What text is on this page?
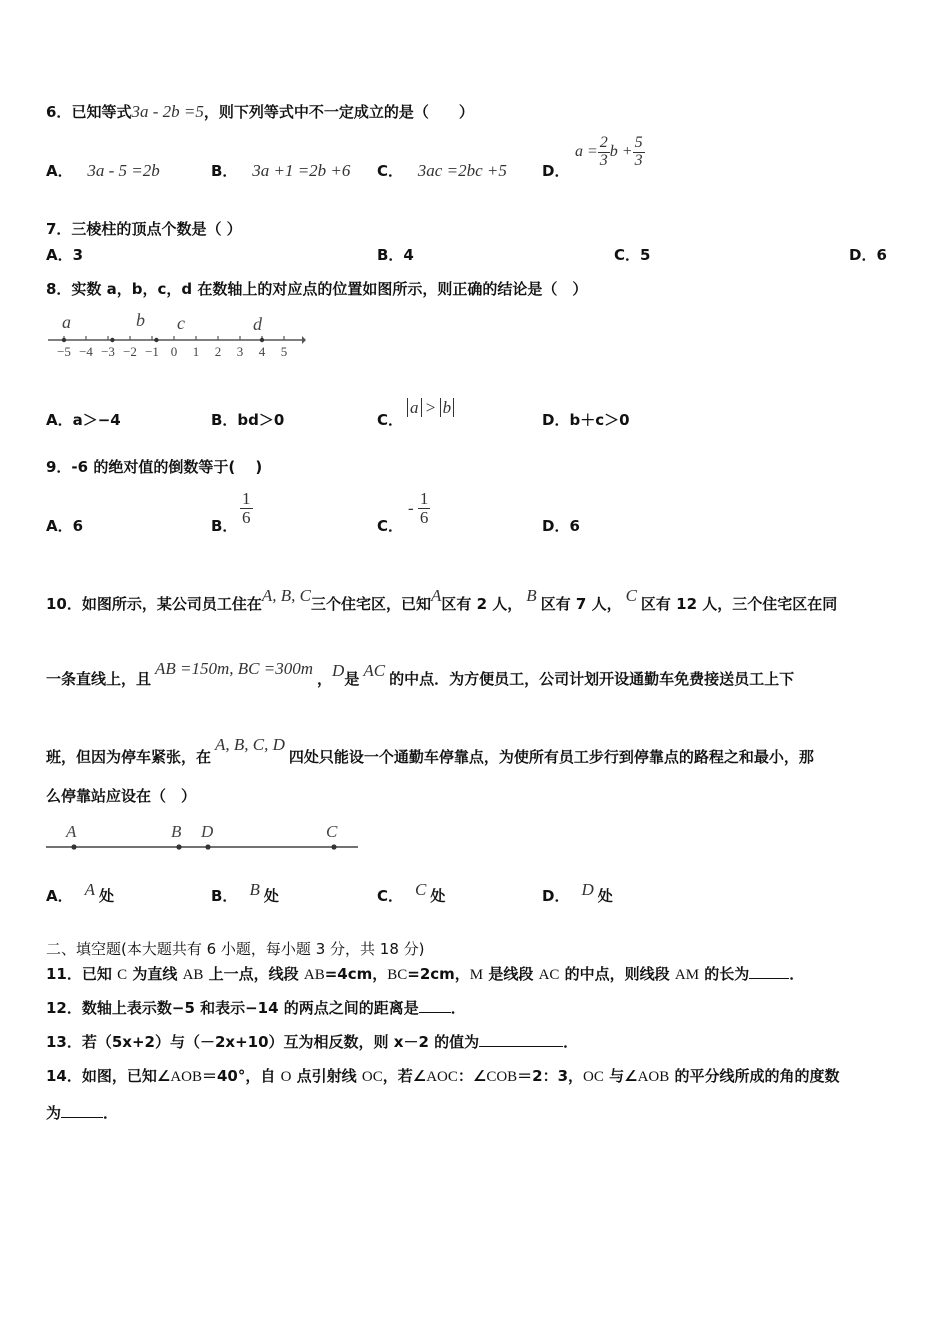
6．已知等式3a - 2b =5，则下列等式中不一定成立的是（　　）
A． 3a - 5 =2b	B． 3a +1 =2b +6 C． 3ac =2bc +5 D．
$a = \frac{2}{3}$ $b + \frac{5}{3}$
7．三棱柱的顶点个数是（ ）
A．3	B．4	C．5	D．6
8．实数 a，b，c，d 在数轴上的对应点的位置如图所示，则正确的结论是（　）
−5 −4 −3 −2 −1 0 1 2 3 4 5
a	b c	d
A．a＞−4	B．bd＞0	C．
a > b
D．b＋c＞0
9．-6 的绝对值的倒数等于(　 )
A．6	B． $\frac{1}{6}$	C．
- $\frac{1}{6}$	D．6
10．如图所示，某公司员工住在A, B, C三个住宅区，已知A区有 2 人， B 区有 7 人， C 区有 12 人，三个住宅区在同
一条直线上，且AB =150m, BC =300m，D是 AC 的中点．为方便员工，公司计划开设通勤车免费接送员工上下
班，但因为停车紧张，在A, B, C, D四处只能设一个通勤车停靠点，为使所有员工步行到停靠点的路程之和最小，那
么停靠站应设在（　）
A	B D	C
A． A 处	B． B 处	C． C 处	D． D 处
二、填空题(本大题共有 6 小题，每小题 3 分，共 18 分)
11．已知 C 为直线 AB 上一点，线段 AB=4cm，BC=2cm，M 是线段 AC 的中点，则线段 AM 的长为	．
12．数轴上表示数−5 和表示−14 的两点之间的距离是 ．
13．若（5x+2）与（－2x+10）互为相反数，则 x－2 的值为	．
14．如图，已知∠AOB＝40°，自 O 点引射线 OC，若∠AOC：∠COB＝2：3，OC 与∠AOB 的平分线所成的角的度数
为	．
